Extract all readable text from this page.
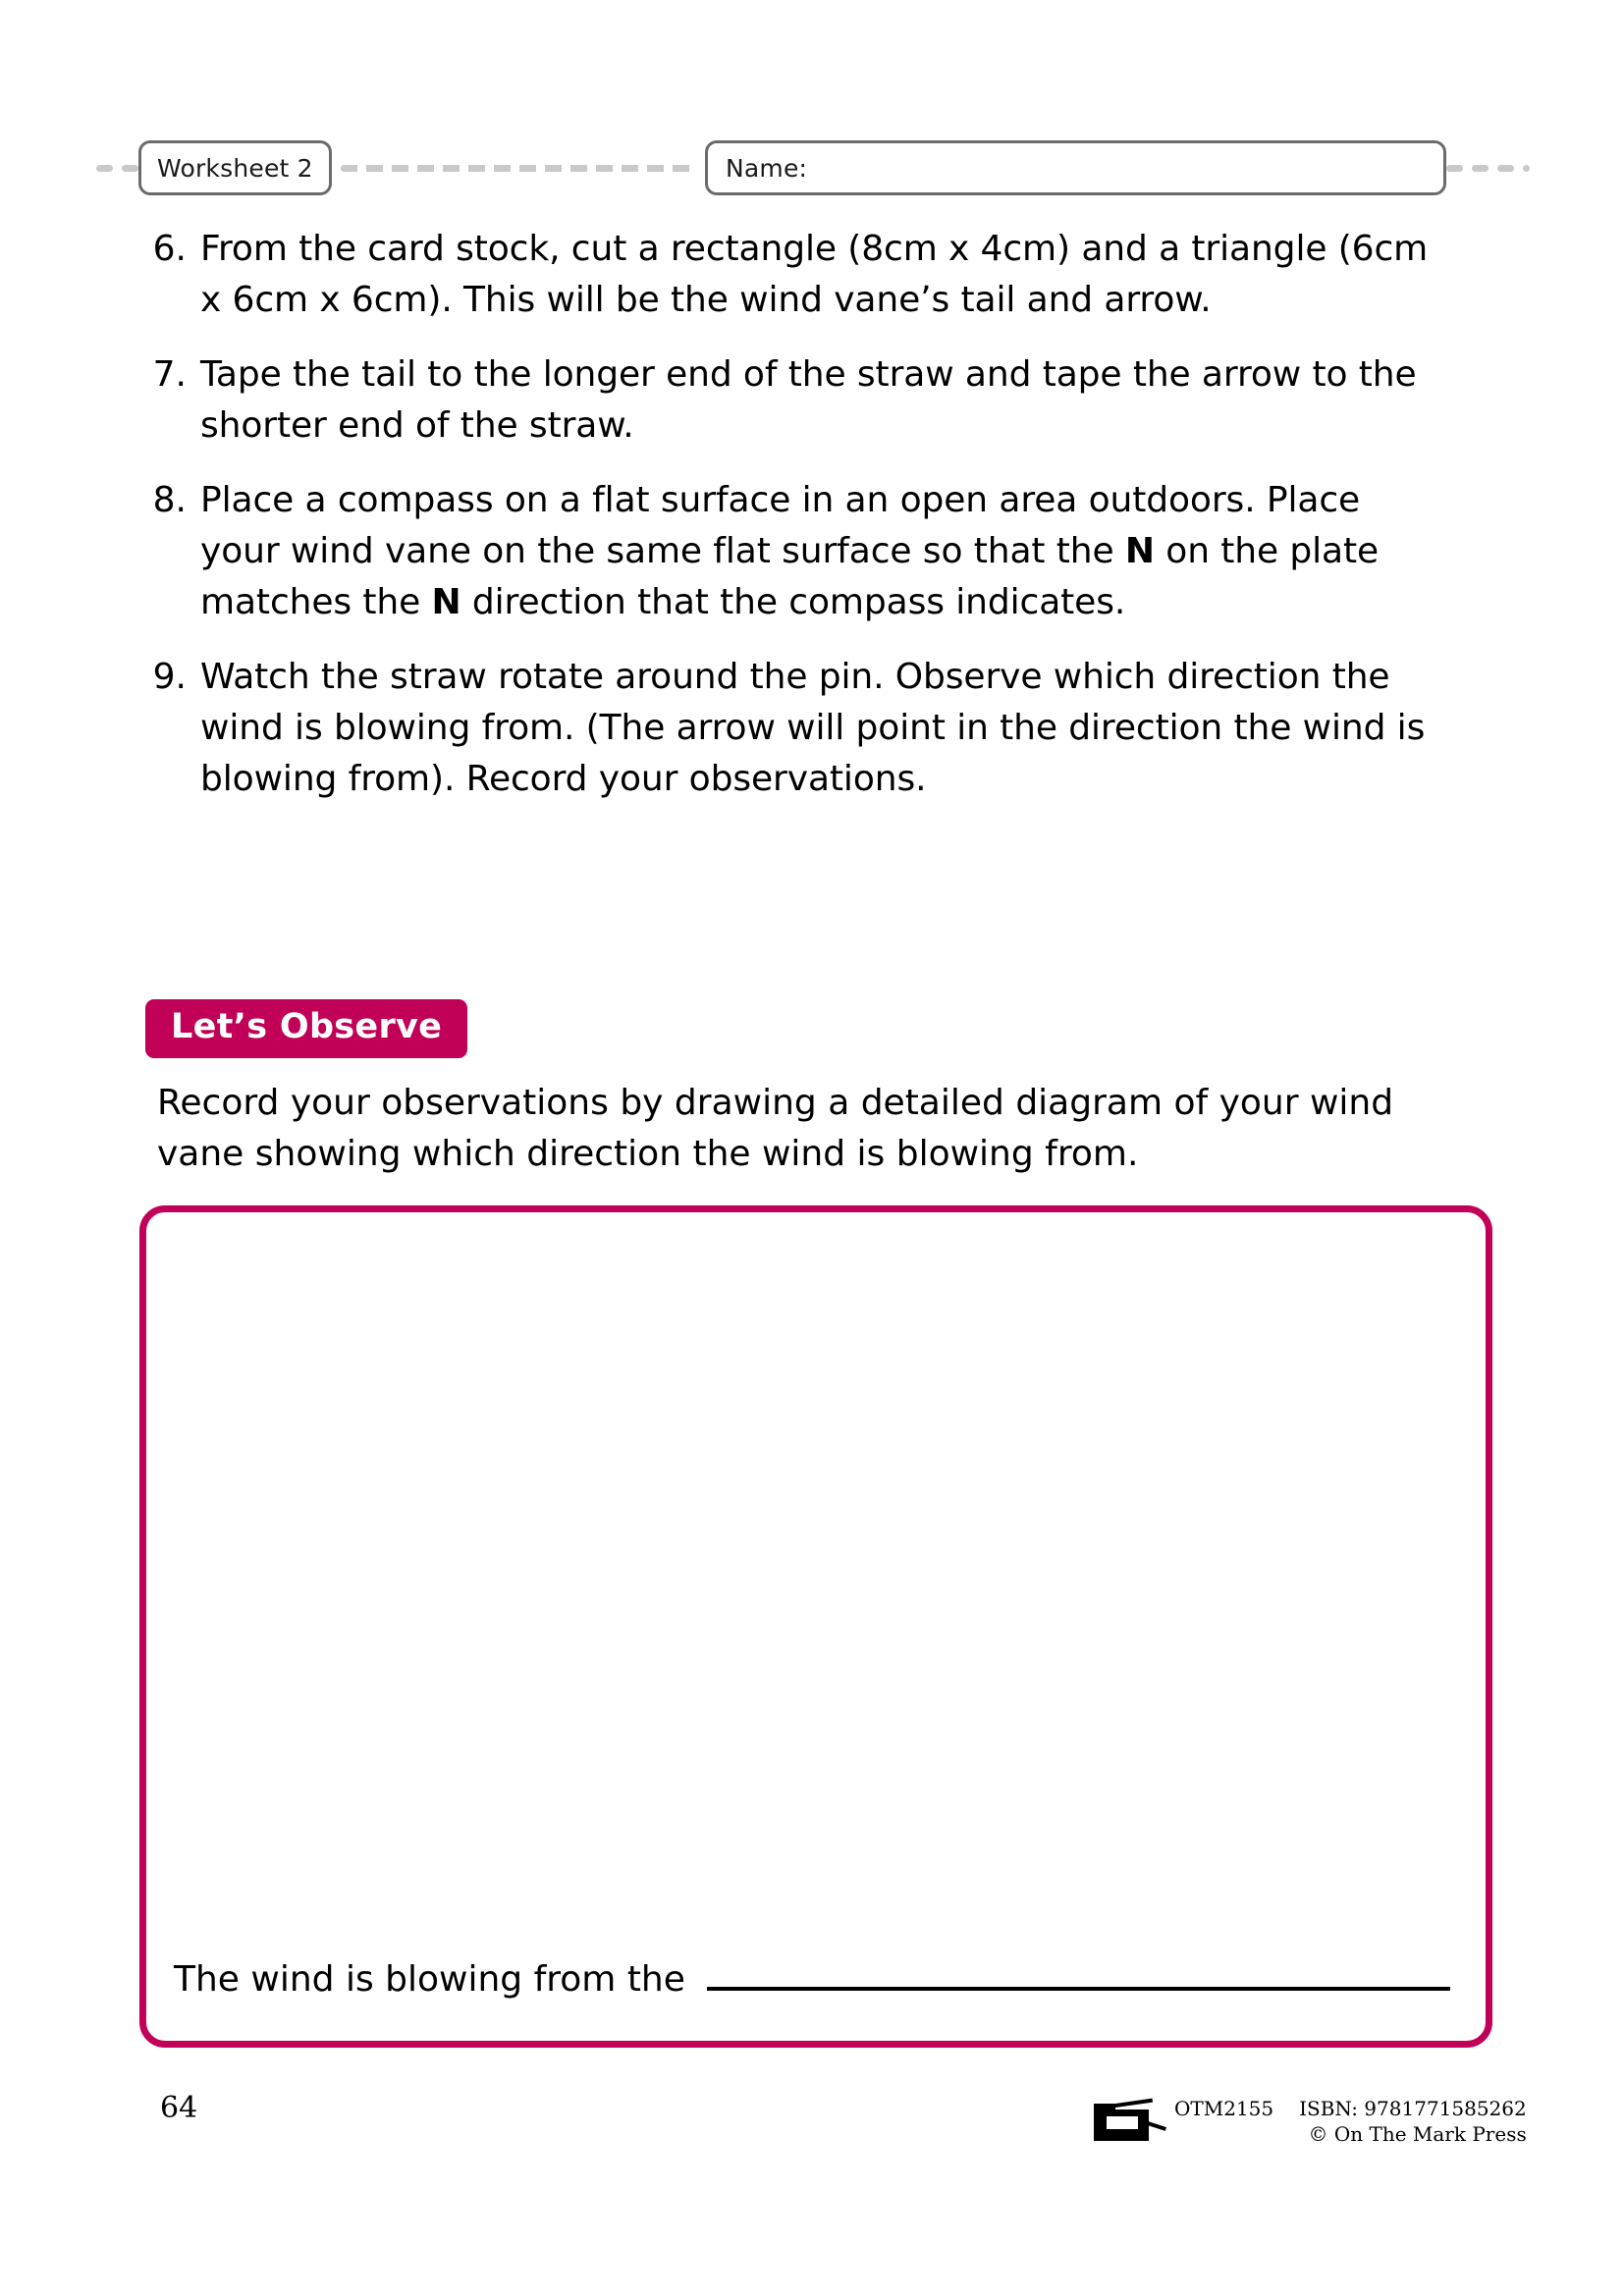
Worksheet 2	Name:
6. From the card stock, cut a rectangle (8cm x 4cm) and a triangle (6cm x 6cm x 6cm). This will be the wind vane’s tail and arrow.
7. Tape the tail to the longer end of the straw and tape the arrow to the shorter end of the straw.
8. Place a compass on a flat surface in an open area outdoors. Place your wind vane on the same flat surface so that the N on the plate matches the N direction that the compass indicates.
9. Watch the straw rotate around the pin. Observe which direction the wind is blowing from. (The arrow will point in the direction the wind is blowing from). Record your observations.
Let’s Observe
Record your observations by drawing a detailed diagram of your wind vane showing which direction the wind is blowing from.
The wind is blowing from the
64	OTM2155 ISBN: 9781771585262
© On The Mark Press
